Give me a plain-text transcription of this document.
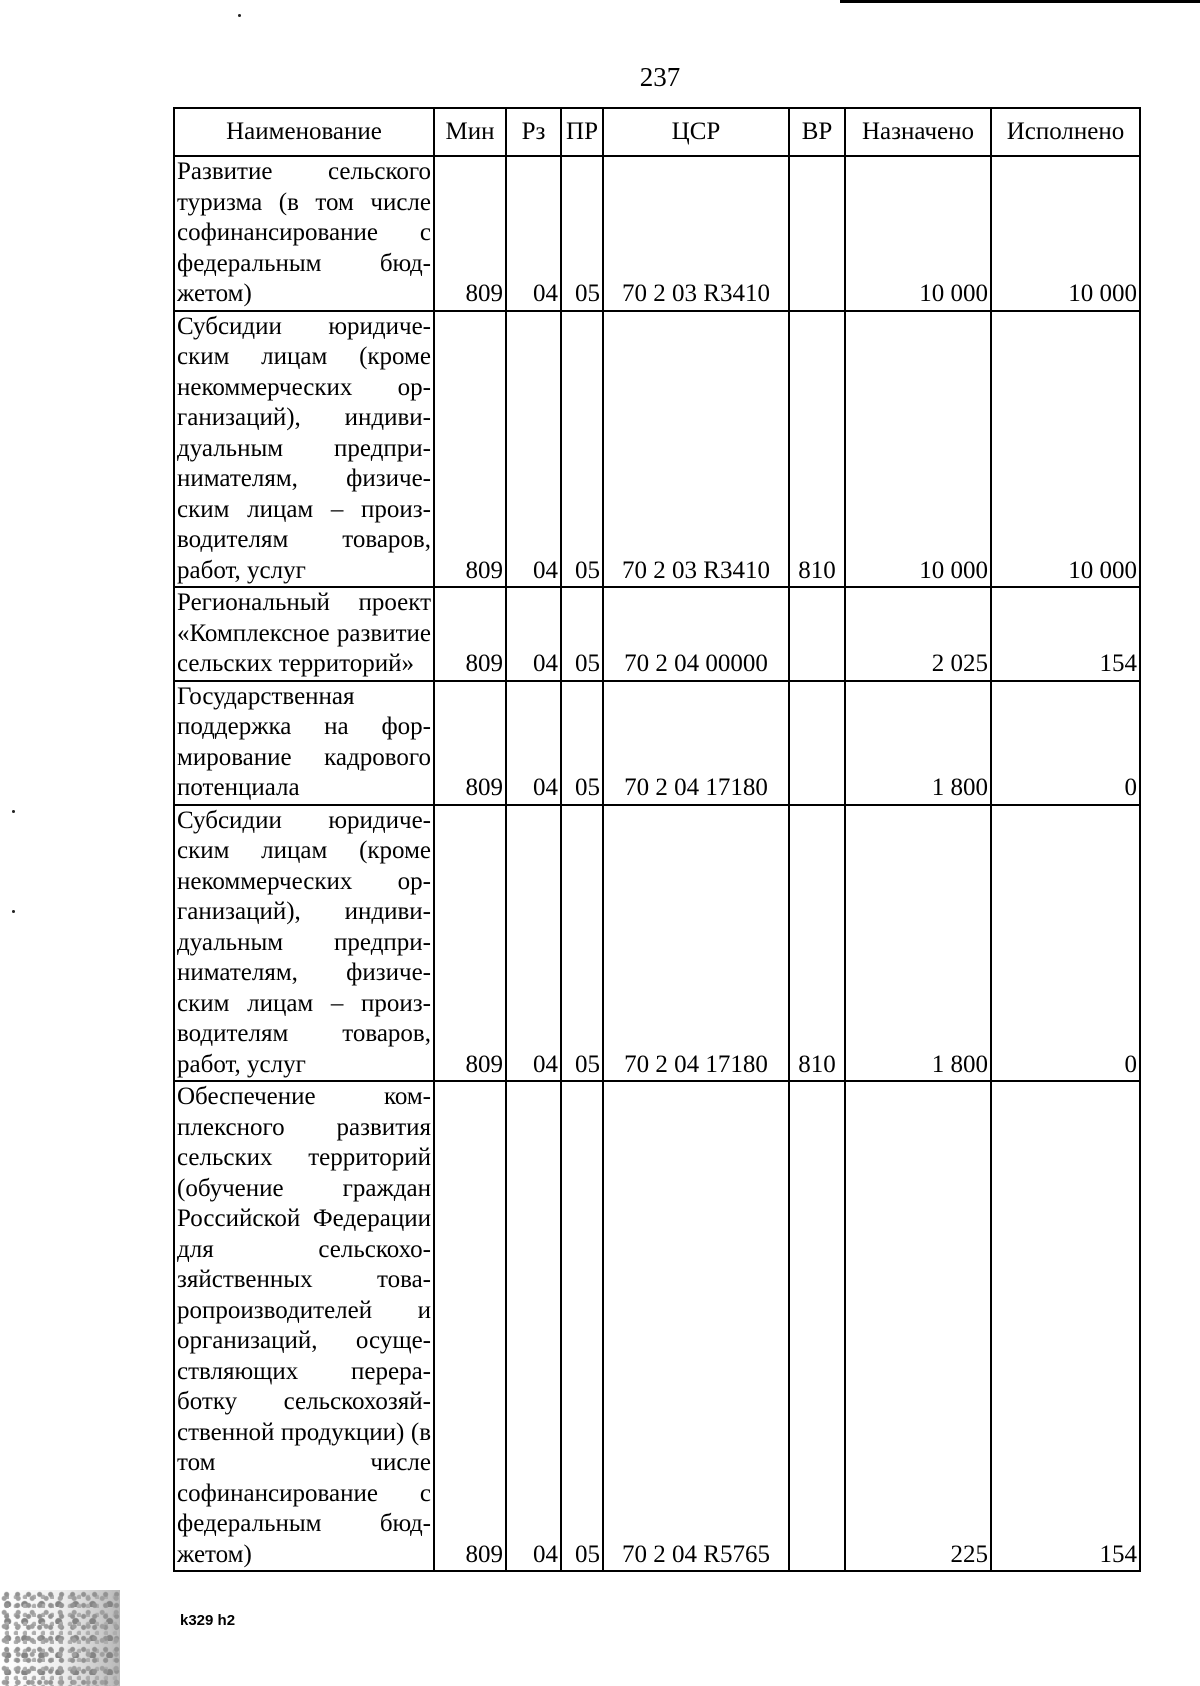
237
Наименование	Мин	Рз	ПР	ЦСР	ВР	Назначено	Исполнено
Развитие сельского туризма (в том числе софинансирование с федеральным бюджетом)	809	04	05	70 2 03 R3410		10 000	10 000
Субсидии юридическим лицам (кроме некоммерческих организаций), индивидуальным предпринимателям, физическим лицам – производителям товаров, работ, услуг	809	04	05	70 2 03 R3410	810	10 000	10 000
Региональный проект «Комплексное развитие сельских территорий»	809	04	05	70 2 04 00000		2 025	154
Государственная поддержка на формирование кадрового потенциала	809	04	05	70 2 04 17180		1 800	0
Субсидии юридическим лицам (кроме некоммерческих организаций), индивидуальным предпринимателям, физическим лицам – производителям товаров, работ, услуг	809	04	05	70 2 04 17180	810	1 800	0
Обеспечение комплексного развития сельских территорий (обучение граждан Российской Федерации для сельскохозяйственных товаропроизводителей и организаций, осуществляющих переработку сельскохозяйственной продукции) (в том числе софинансирование с федеральным бюджетом)	809	04	05	70 2 04 R5765		225	154
k329 h2
